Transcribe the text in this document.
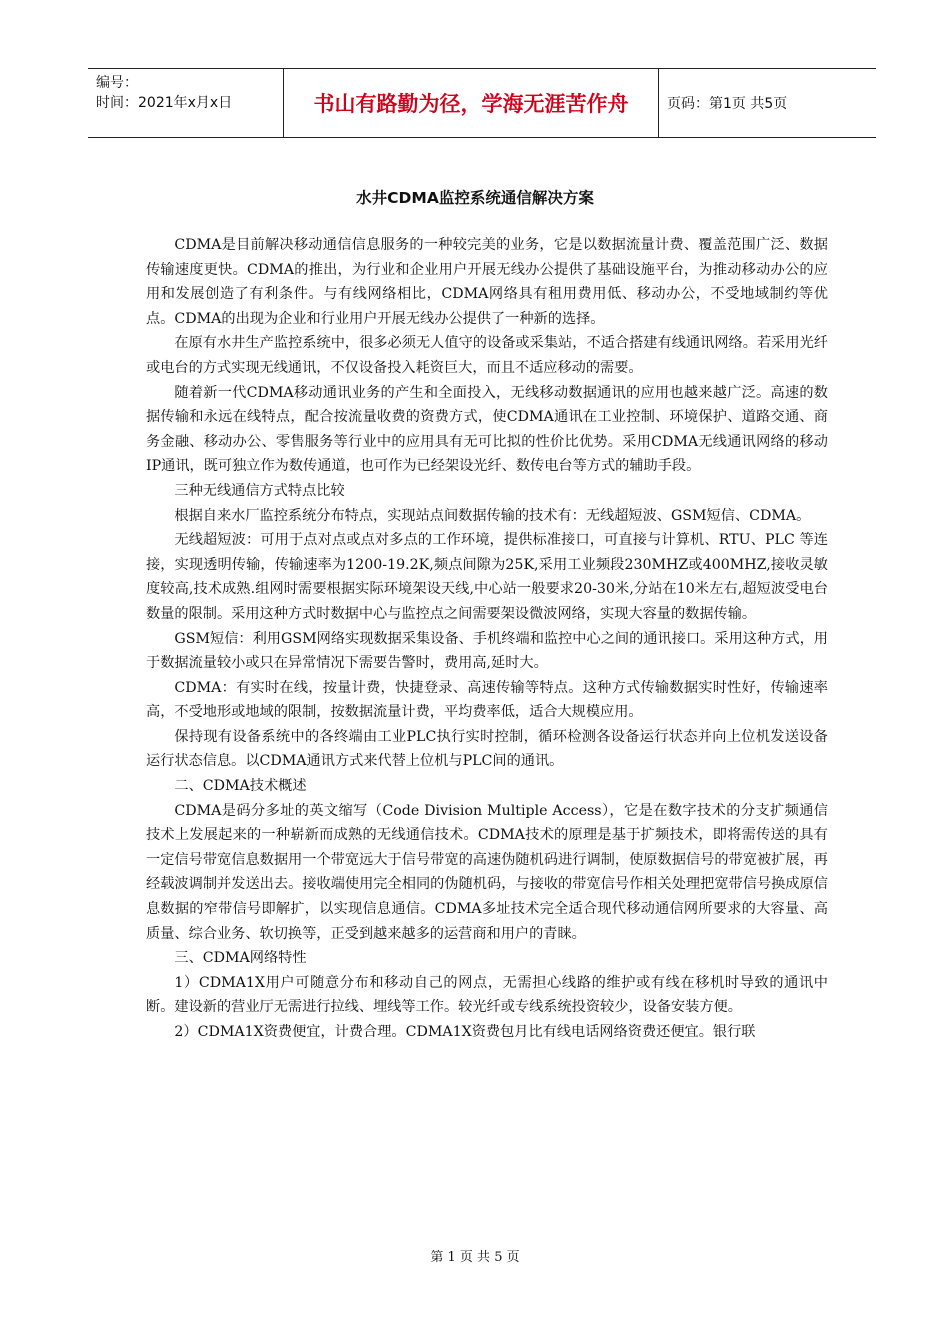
编号：
时间：2021年x月x日	书山有路勤为径，学海无涯苦作舟	页码：第1页 共5页
水井CDMA监控系统通信解决方案

CDMA是目前解决移动通信信息服务的一种较完美的业务，它是以数据流量计费、覆盖范围广泛、数据传输速度更快。CDMA的推出，为行业和企业用户开展无线办公提供了基础设施平台，为推动移动办公的应用和发展创造了有利条件。与有线网络相比，CDMA网络具有租用费用低、移动办公，不受地域制约等优点。CDMA的出现为企业和行业用户开展无线办公提供了一种新的选择。

在原有水井生产监控系统中，很多必须无人值守的设备或采集站，不适合搭建有线通讯网络。若采用光纤或电台的方式实现无线通讯，不仅设备投入耗资巨大，而且不适应移动的需要。

随着新一代CDMA移动通讯业务的产生和全面投入，无线移动数据通讯的应用也越来越广泛。高速的数据传输和永远在线特点，配合按流量收费的资费方式，使CDMA通讯在工业控制、环境保护、道路交通、商务金融、移动办公、零售服务等行业中的应用具有无可比拟的性价比优势。采用CDMA无线通讯网络的移动IP通讯，既可独立作为数传通道，也可作为已经架设光纤、数传电台等方式的辅助手段。

三种无线通信方式特点比较

根据自来水厂监控系统分布特点，实现站点间数据传输的技术有：无线超短波、GSM短信、CDMA。

无线超短波：可用于点对点或点对多点的工作环境，提供标准接口，可直接与计算机、RTU、PLC 等连接，实现透明传输，传输速率为1200-19.2K,频点间隙为25K,采用工业频段230MHZ或400MHZ,接收灵敏度较高,技术成熟.组网时需要根据实际环境架设天线,中心站一般要求20-30米,分站在10米左右,超短波受电台数量的限制。采用这种方式时数据中心与监控点之间需要架设微波网络，实现大容量的数据传输。

GSM短信：利用GSM网络实现数据采集设备、手机终端和监控中心之间的通讯接口。采用这种方式，用于数据流量较小或只在异常情况下需要告警时，费用高,延时大。

CDMA：有实时在线，按量计费，快捷登录、高速传输等特点。这种方式传输数据实时性好，传输速率高，不受地形或地域的限制，按数据流量计费，平均费率低，适合大规模应用。

保持现有设备系统中的各终端由工业PLC执行实时控制，循环检测各设备运行状态并向上位机发送设备运行状态信息。以CDMA通讯方式来代替上位机与PLC间的通讯。

二、CDMA技术概述

CDMA是码分多址的英文缩写（Code Division Multiple Access），它是在数字技术的分支扩频通信技术上发展起来的一种崭新而成熟的无线通信技术。CDMA技术的原理是基于扩频技术，即将需传送的具有一定信号带宽信息数据用一个带宽远大于信号带宽的高速伪随机码进行调制，使原数据信号的带宽被扩展，再经载波调制并发送出去。接收端使用完全相同的伪随机码，与接收的带宽信号作相关处理把宽带信号换成原信息数据的窄带信号即解扩，以实现信息通信。CDMA多址技术完全适合现代移动通信网所要求的大容量、高质量、综合业务、软切换等，正受到越来越多的运营商和用户的青睐。

三、CDMA网络特性

1）CDMA1X用户可随意分布和移动自己的网点，无需担心线路的维护或有线在移机时导致的通讯中断。建设新的营业厅无需进行拉线、埋线等工作。较光纤或专线系统投资较少，设备安装方便。

2）CDMA1X资费便宜，计费合理。CDMA1X资费包月比有线电话网络资费还便宜。银行联

第 1 页 共 5 页
